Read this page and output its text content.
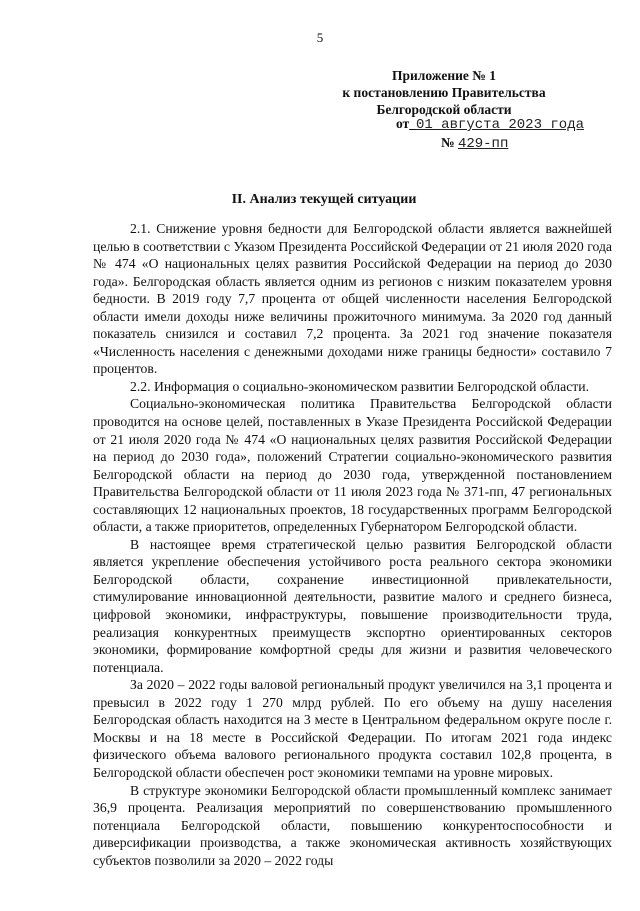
5
Приложение № 1
к постановлению Правительства
Белгородской области
от 01 августа 2023 года
№ 429-пп
II. Анализ текущей ситуации

2.1. Снижение уровня бедности для Белгородской области является важнейшей целью в соответствии с Указом Президента Российской Федерации от 21 июля 2020 года № 474 «О национальных целях развития Российской Федерации на период до 2030 года». Белгородская область является одним из регионов с низким показателем уровня бедности. В 2019 году 7,7 процента от общей численности населения Белгородской области имели доходы ниже величины прожиточного минимума. За 2020 год данный показатель снизился и составил 7,2 процента. За 2021 год значение показателя «Численность населения с денежными доходами ниже границы бедности» составило 7 процентов.

2.2. Информация о социально-экономическом развитии Белгородской области.

Социально-экономическая политика Правительства Белгородской области проводится на основе целей, поставленных в Указе Президента Российской Федерации от 21 июля 2020 года № 474 «О национальных целях развития Российской Федерации на период до 2030 года», положений Стратегии социально-экономического развития Белгородской области на период до 2030 года, утвержденной постановлением Правительства Белгородской области от 11 июля 2023 года № 371-пп, 47 региональных составляющих 12 национальных проектов, 18 государственных программ Белгородской области, а также приоритетов, определенных Губернатором Белгородской области.

В настоящее время стратегической целью развития Белгородской области является укрепление обеспечения устойчивого роста реального сектора экономики Белгородской области, сохранение инвестиционной привлекательности, стимулирование инновационной деятельности, развитие малого и среднего бизнеса, цифровой экономики, инфраструктуры, повышение производительности труда, реализация конкурентных преимуществ экспортно ориентированных секторов экономики, формирование комфортной среды для жизни и развития человеческого потенциала.

За 2020 – 2022 годы валовой региональный продукт увеличился на 3,1 процента и превысил в 2022 году 1 270 млрд рублей. По его объему на душу населения Белгородская область находится на 3 месте в Центральном федеральном округе после г. Москвы и на 18 месте в Российской Федерации. По итогам 2021 года индекс физического объема валового регионального продукта составил 102,8 процента, в Белгородской области обеспечен рост экономики темпами на уровне мировых.

В структуре экономики Белгородской области промышленный комплекс занимает 36,9 процента. Реализация мероприятий по совершенствованию промышленного потенциала Белгородской области, повышению конкурентоспособности и диверсификации производства, а также экономическая активность хозяйствующих субъектов позволили за 2020 – 2022 годы
